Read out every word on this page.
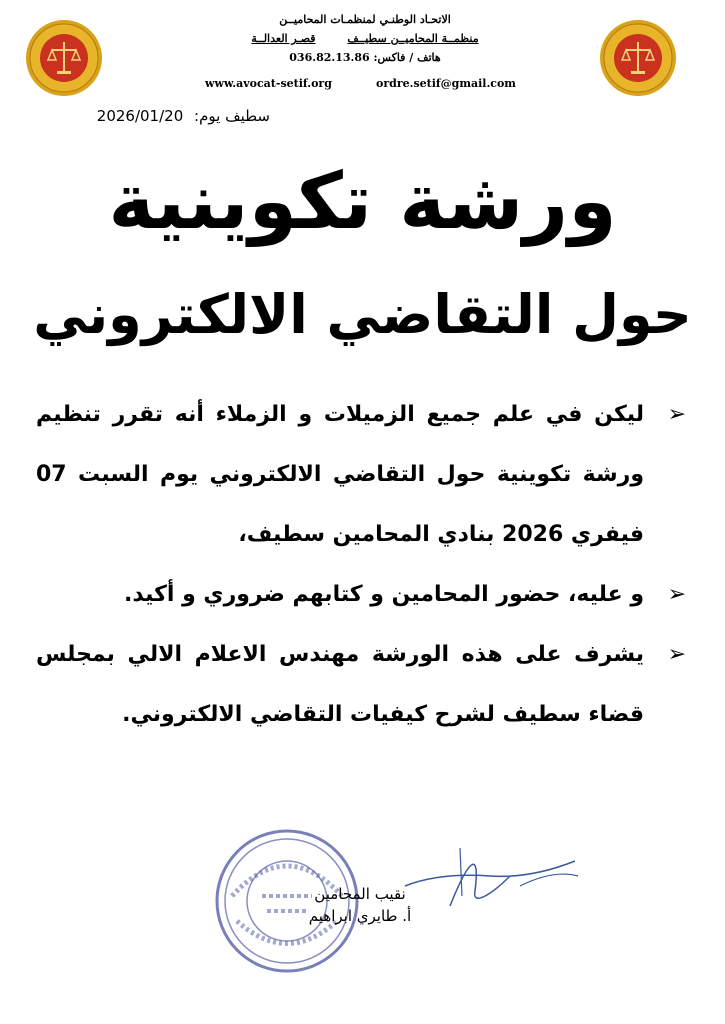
الاتحـاد الوطنـي لمنظمـات المحاميــن
منظمــة المحاميــن سطيــف قصـر العدالــة
هاتف / فاكس: 036.82.13.86
www.avocat-setif.org	ordre.setif@gmail.com
سطيف يوم: 2026/01/20
ورشة تكوينية
حول التقاضي الالكتروني
➢
ليكن في علم جميع الزميلات و الزملاء أنه تقرر تنظيم ورشة تكوينية حول التقاضي الالكتروني يوم السبت 07 فيفري 2026 بنادي المحامين سطيف،
➢
و عليه، حضور المحامين و كتابهم ضروري و أكيد.
➢
يشرف على هذه الورشة مهندس الاعلام الالي بمجلس قضاء سطيف لشرح كيفيات التقاضي الالكتروني.
نقيب المحامين
أ. طايري ابراهيم
